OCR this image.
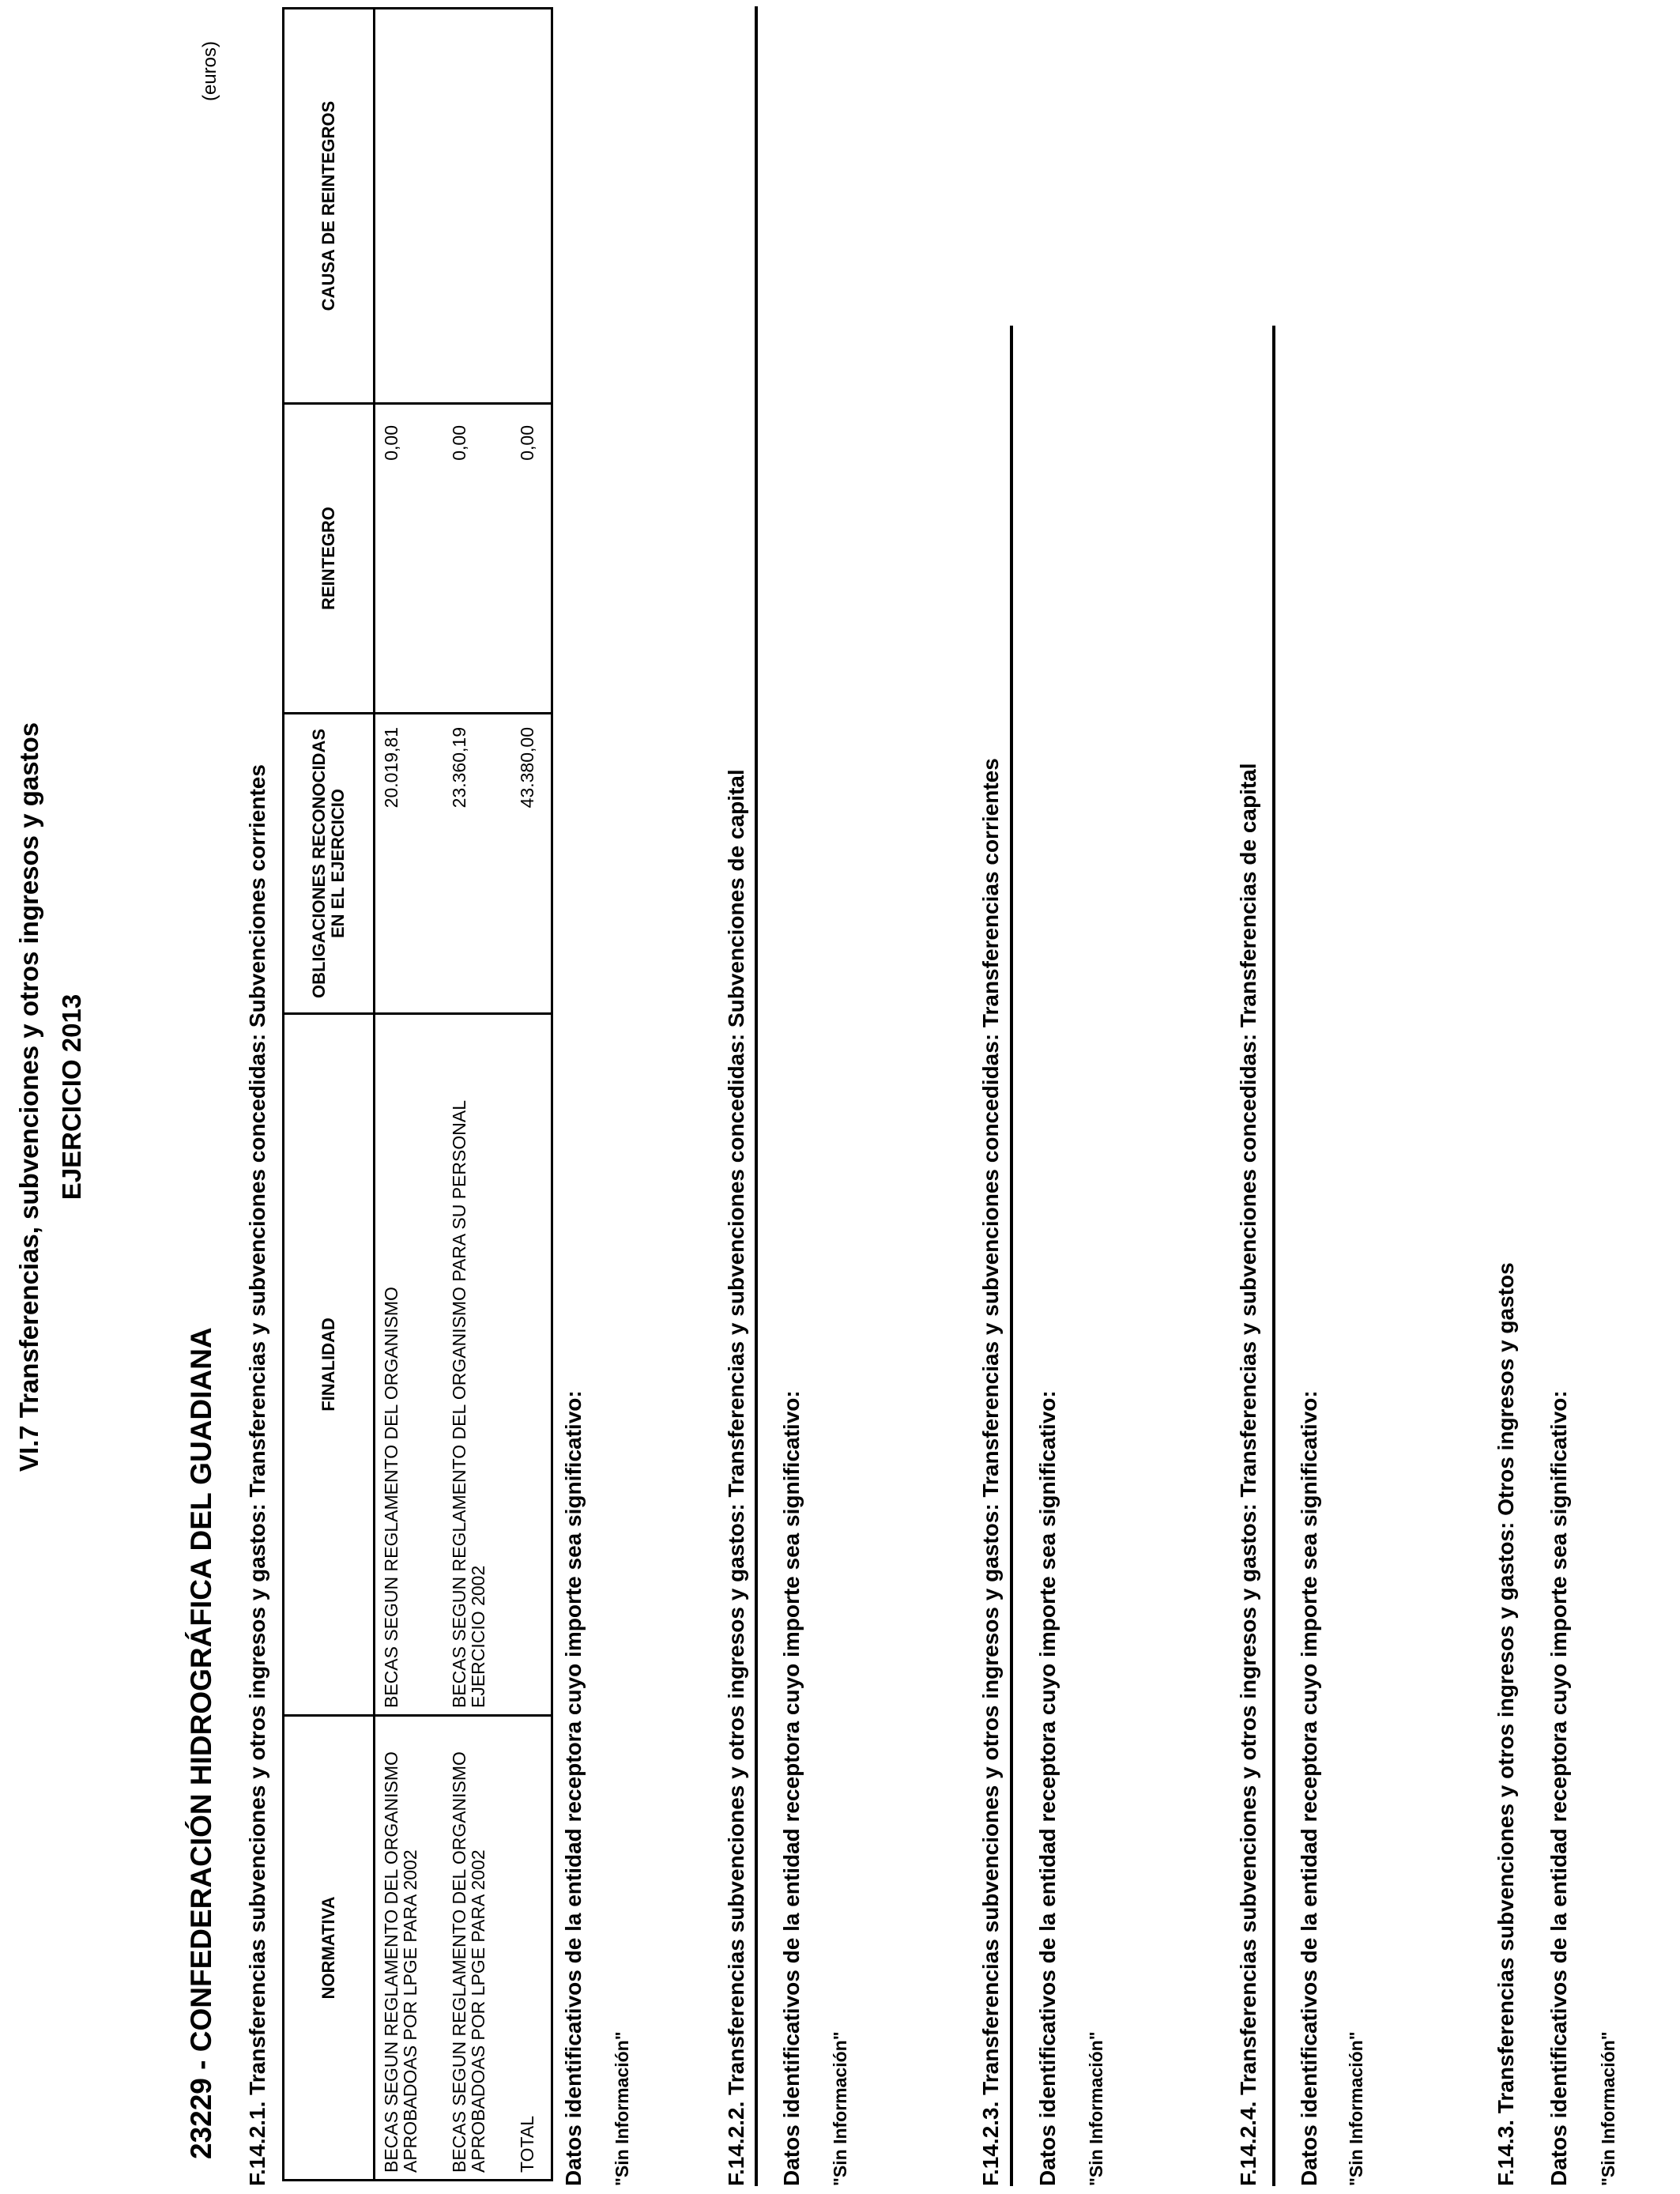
VI.7 Transferencias, subvenciones y otros ingresos y gastos EJERCICIO 2013
23229 - CONFEDERACIÓN HIDROGRÁFICA DEL GUADIANA
(euros)
F.14.2.1. Transferencias subvenciones y otros ingresos y gastos: Transferencias y subvenciones concedidas: Subvenciones corrientes	NORMATIVA	FINALIDAD	OBLIGACIONES RECONOCIDAS EN EL EJERCICIO	REINTEGRO	CAUSA DE REINTEGROS
BECAS SEGUN REGLAMENTO DEL ORGANISMO APROBADOAS POR LPGE PARA 2002	BECAS SEGUN REGLAMENTO DEL ORGANISMO	20.019,81	0,00	
BECAS SEGUN REGLAMENTO DEL ORGANISMO APROBADOAS POR LPGE PARA 2002	BECAS SEGUN REGLAMENTO DEL ORGANISMO PARA SU PERSONAL EJERCICIO 2002	23.360,19	0,00	
TOTAL		43.380,00	0,00	
Datos identificativos de la entidad receptora cuyo importe sea significativo: "Sin Información"	F.14.2.2. Transferencias subvenciones y otros ingresos y gastos: Transferencias y subvenciones concedidas: Subvenciones de capital Datos identificativos de la entidad receptora cuyo importe sea significativo: "Sin Información"	F.14.2.3. Transferencias subvenciones y otros ingresos y gastos: Transferencias y subvenciones concedidas: Transferencias corrientes Datos identificativos de la entidad receptora cuyo importe sea significativo: "Sin Información"	F.14.2.4. Transferencias subvenciones y otros ingresos y gastos: Transferencias y subvenciones concedidas: Transferencias de capital Datos identificativos de la entidad receptora cuyo importe sea significativo: "Sin Información"	F.14.3. Transferencias subvenciones y otros ingresos y gastos: Otros ingresos y gastos Datos identificativos de la entidad receptora cuyo importe sea significativo: "Sin Información"
